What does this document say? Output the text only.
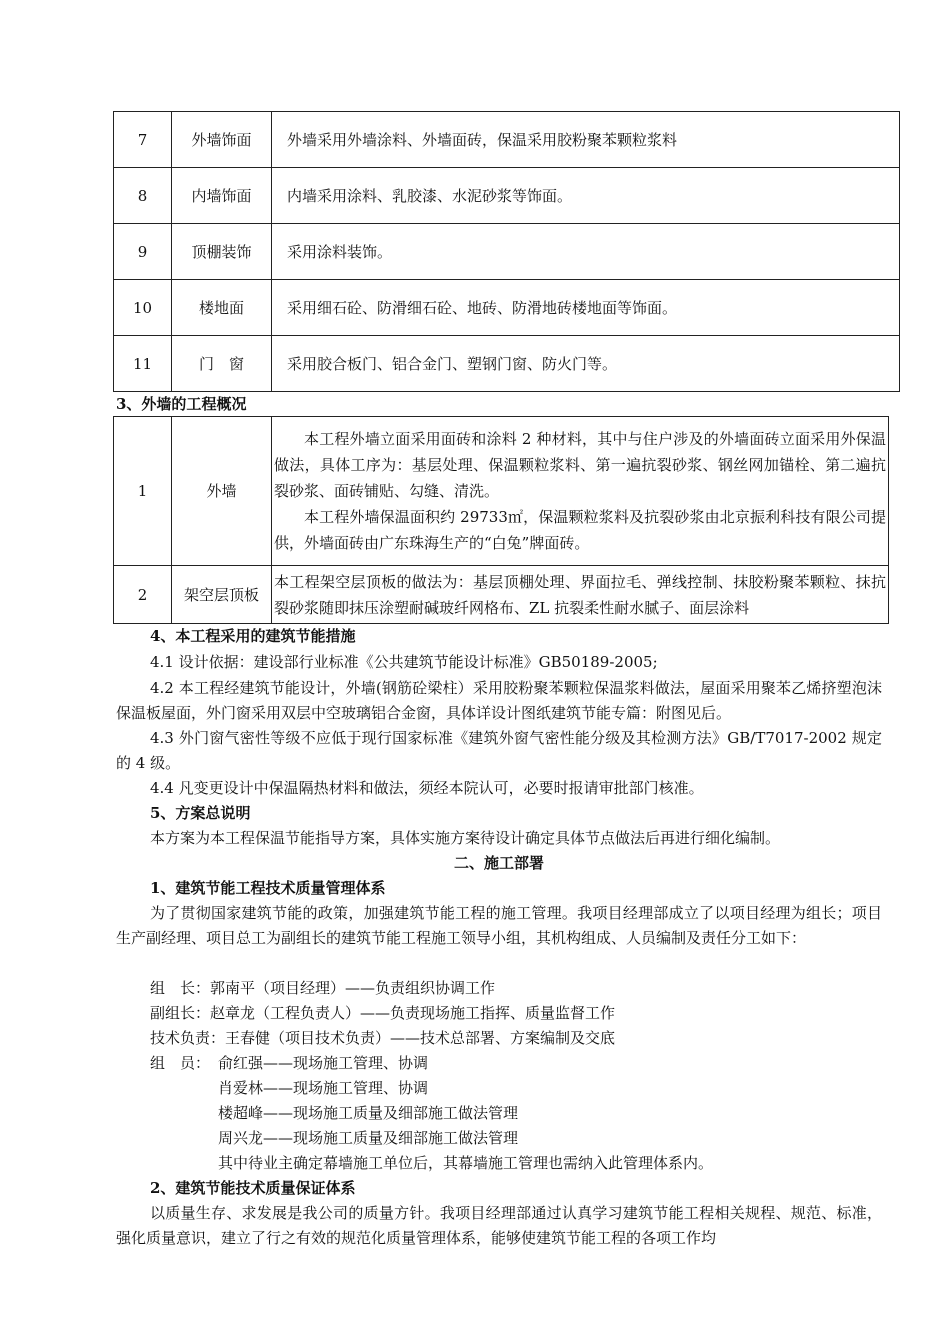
7	外墙饰面	外墙采用外墙涂料、外墙面砖，保温采用胶粉聚苯颗粒浆料
8	内墙饰面	内墙采用涂料、乳胶漆、水泥砂浆等饰面。
9	顶棚装饰	采用涂料装饰。
10	楼地面	采用细石砼、防滑细石砼、地砖、防滑地砖楼地面等饰面。
11	门　窗	采用胶合板门、铝合金门、塑钢门窗、防火门等。
3、外墙的工程概况
1	外墙	本工程外墙立面采用面砖和涂料 2 种材料，其中与住户涉及的外墙面砖立面采用外保温做法，具体工序为：基层处理、保温颗粒浆料、第一遍抗裂砂浆、钢丝网加锚栓、第二遍抗裂砂浆、面砖铺贴、勾缝、清洗。
本工程外墙保温面积约 29733㎡，保温颗粒浆料及抗裂砂浆由北京振利科技有限公司提供，外墙面砖由广东珠海生产的“白兔”牌面砖。

2	架空层顶板	本工程架空层顶板的做法为：基层顶棚处理、界面拉毛、弹线控制、抹胶粉聚苯颗粒、抹抗裂砂浆随即抹压涂塑耐碱玻纤网格布、ZL 抗裂柔性耐水腻子、面层涂料
4、本工程采用的建筑节能措施
4.1 设计依据：建设部行业标准《公共建筑节能设计标准》GB50189-2005;
4.2 本工程经建筑节能设计，外墙(钢筋砼梁柱）采用胶粉聚苯颗粒保温浆料做法，屋面采用聚苯乙烯挤塑泡沫保温板屋面，外门窗采用双层中空玻璃铝合金窗，具体详设计图纸建筑节能专篇：附图见后。
4.3 外门窗气密性等级不应低于现行国家标准《建筑外窗气密性能分级及其检测方法》GB/T7017-2002 规定的 4 级。
4.4 凡变更设计中保温隔热材料和做法，须经本院认可，必要时报请审批部门核准。
5、方案总说明
本方案为本工程保温节能指导方案，具体实施方案待设计确定具体节点做法后再进行细化编制。
二、施工部署
1、建筑节能工程技术质量管理体系
为了贯彻国家建筑节能的政策，加强建筑节能工程的施工管理。我项目经理部成立了以项目经理为组长；项目生产副经理、项目总工为副组长的建筑节能工程施工领导小组，其机构组成、人员编制及责任分工如下：
组　长：郭南平（项目经理）——负责组织协调工作
副组长：赵章龙（工程负责人）——负责现场施工指挥、质量监督工作
技术负责：王春健（项目技术负责）——技术总部署、方案编制及交底
组　员： 俞红强——现场施工管理、协调
肖爱林——现场施工管理、协调
楼超峰——现场施工质量及细部施工做法管理
周兴龙——现场施工质量及细部施工做法管理
其中待业主确定幕墙施工单位后，其幕墙施工管理也需纳入此管理体系内。
2、建筑节能技术质量保证体系
以质量生存、求发展是我公司的质量方针。我项目经理部通过认真学习建筑节能工程相关规程、规范、标准，强化质量意识，建立了行之有效的规范化质量管理体系，能够使建筑节能工程的各项工作均
